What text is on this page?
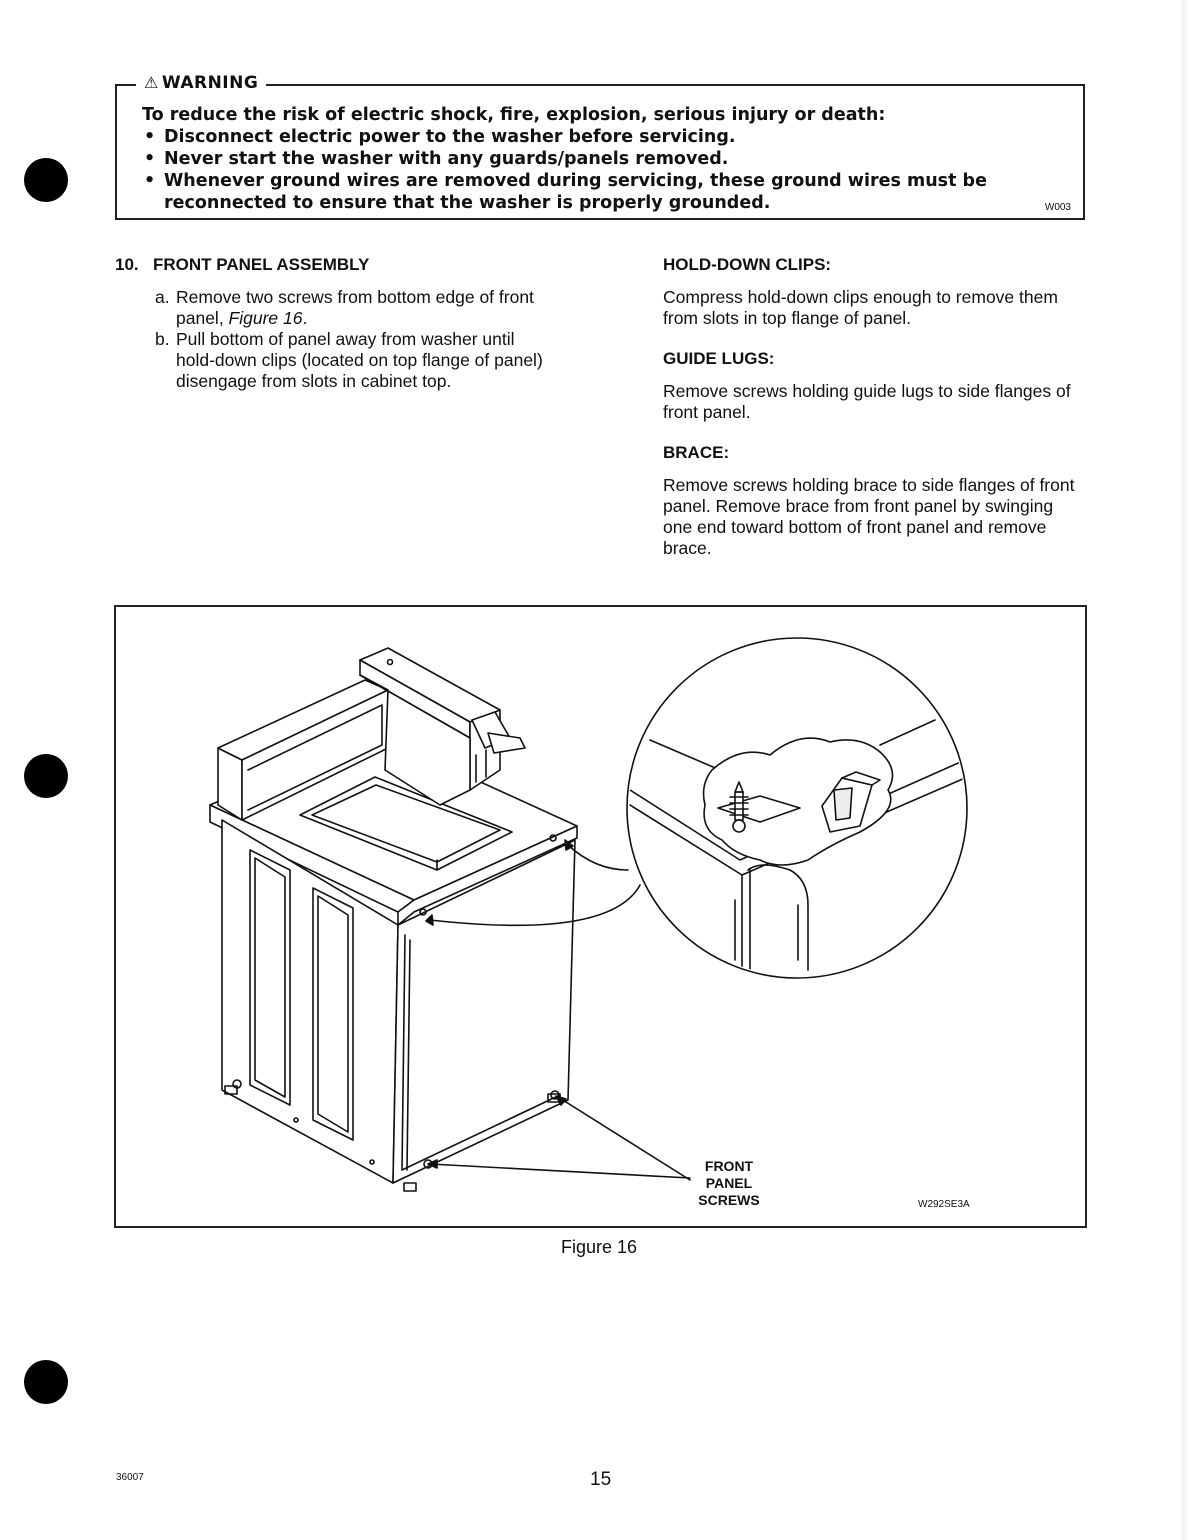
⚠ WARNING
To reduce the risk of electric shock, fire, explosion, serious injury or death:
• Disconnect electric power to the washer before servicing.
• Never start the washer with any guards/panels removed.
• Whenever ground wires are removed during servicing, these ground wires must be
reconnected to ensure that the washer is properly grounded.	W003
10. FRONT PANEL ASSEMBLY
a. Remove two screws from bottom edge of front panel, Figure 16.
b. Pull bottom of panel away from washer until hold-down clips (located on top flange of panel) disengage from slots in cabinet top.

HOLD-DOWN CLIPS:

Compress hold-down clips enough to remove them from slots in top flange of panel.

GUIDE LUGS:

Remove screws holding guide lugs to side flanges of front panel.

BRACE:

Remove screws holding brace to side flanges of front panel. Remove brace from front panel by swinging one end toward bottom of front panel and remove brace.

FRONT
PANEL
SCREWS	W292SE3A
Figure 16
36007	15
